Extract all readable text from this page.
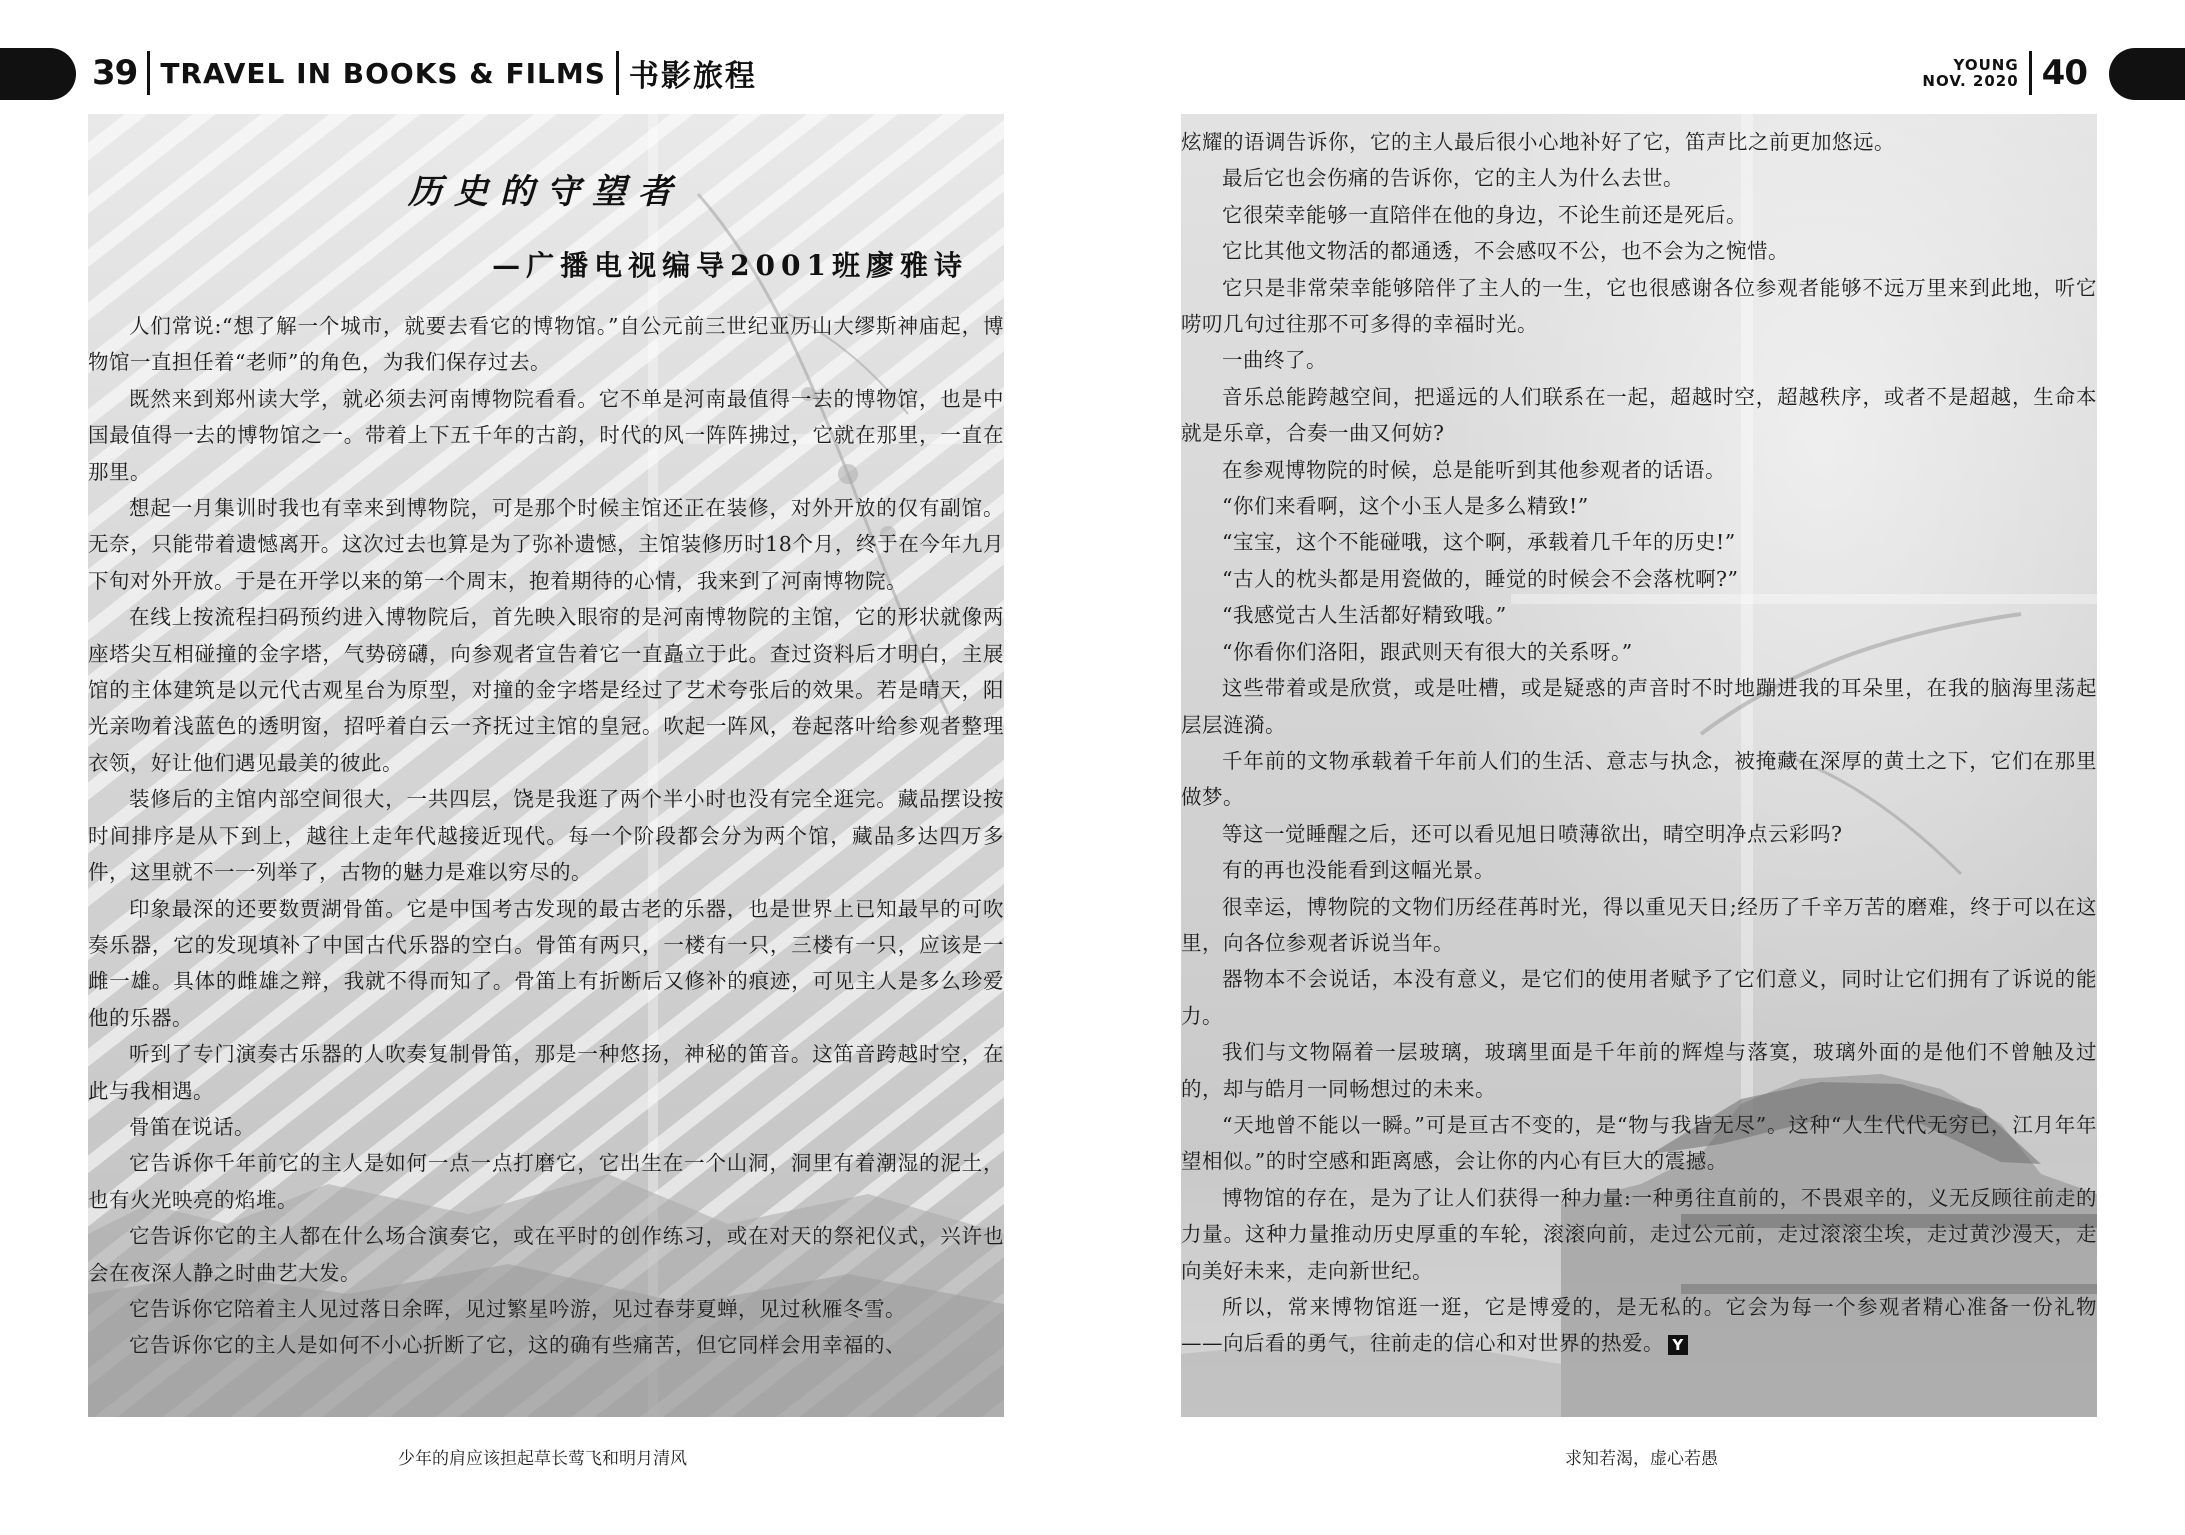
39 TRAVEL IN BOOKS & FILMS 书影旅程	YOUNG
NOV. 2020 40
历史的守望者
—广播电视编导2001班廖雅诗

人们常说:“想了解一个城市，就要去看它的博物馆。”自公元前三世纪亚历山大缪斯神庙起，博物馆一直担任着“老师”的角色，为我们保存过去。

既然来到郑州读大学，就必须去河南博物院看看。它不单是河南最值得一去的博物馆，也是中国最值得一去的博物馆之一。带着上下五千年的古韵，时代的风一阵阵拂过，它就在那里，一直在那里。

想起一月集训时我也有幸来到博物院，可是那个时候主馆还正在装修，对外开放的仅有副馆。无奈，只能带着遗憾离开。这次过去也算是为了弥补遗憾，主馆装修历时18个月，终于在今年九月下旬对外开放。于是在开学以来的第一个周末，抱着期待的心情，我来到了河南博物院。

在线上按流程扫码预约进入博物院后，首先映入眼帘的是河南博物院的主馆，它的形状就像两座塔尖互相碰撞的金字塔，气势磅礴，向参观者宣告着它一直矗立于此。查过资料后才明白，主展馆的主体建筑是以元代古观星台为原型，对撞的金字塔是经过了艺术夸张后的效果。若是晴天，阳光亲吻着浅蓝色的透明窗，招呼着白云一齐抚过主馆的皇冠。吹起一阵风，卷起落叶给参观者整理衣领，好让他们遇见最美的彼此。

装修后的主馆内部空间很大，一共四层，饶是我逛了两个半小时也没有完全逛完。藏品摆设按时间排序是从下到上，越往上走年代越接近现代。每一个阶段都会分为两个馆，藏品多达四万多件，这里就不一一列举了，古物的魅力是难以穷尽的。

印象最深的还要数贾湖骨笛。它是中国考古发现的最古老的乐器，也是世界上已知最早的可吹奏乐器，它的发现填补了中国古代乐器的空白。骨笛有两只，一楼有一只，三楼有一只，应该是一雌一雄。具体的雌雄之辩，我就不得而知了。骨笛上有折断后又修补的痕迹，可见主人是多么珍爱他的乐器。

听到了专门演奏古乐器的人吹奏复制骨笛，那是一种悠扬，神秘的笛音。这笛音跨越时空，在此与我相遇。

骨笛在说话。

它告诉你千年前它的主人是如何一点一点打磨它，它出生在一个山洞，洞里有着潮湿的泥土，也有火光映亮的焰堆。

它告诉你它的主人都在什么场合演奏它，或在平时的创作练习，或在对天的祭祀仪式，兴许也会在夜深人静之时曲艺大发。

它告诉你它陪着主人见过落日余晖，见过繁星吟游，见过春芽夏蝉，见过秋雁冬雪。

它告诉你它的主人是如何不小心折断了它，这的确有些痛苦，但它同样会用幸福的、

炫耀的语调告诉你，它的主人最后很小心地补好了它，笛声比之前更加悠远。

最后它也会伤痛的告诉你，它的主人为什么去世。

它很荣幸能够一直陪伴在他的身边，不论生前还是死后。

它比其他文物活的都通透，不会感叹不公，也不会为之惋惜。

它只是非常荣幸能够陪伴了主人的一生，它也很感谢各位参观者能够不远万里来到此地，听它唠叨几句过往那不可多得的幸福时光。

一曲终了。

音乐总能跨越空间，把遥远的人们联系在一起，超越时空，超越秩序，或者不是超越，生命本就是乐章，合奏一曲又何妨?

在参观博物院的时候，总是能听到其他参观者的话语。

“你们来看啊，这个小玉人是多么精致!”

“宝宝，这个不能碰哦，这个啊，承载着几千年的历史!”

“古人的枕头都是用瓷做的，睡觉的时候会不会落枕啊?”

“我感觉古人生活都好精致哦。”

“你看你们洛阳，跟武则天有很大的关系呀。”

这些带着或是欣赏，或是吐槽，或是疑惑的声音时不时地蹦进我的耳朵里，在我的脑海里荡起层层涟漪。

千年前的文物承载着千年前人们的生活、意志与执念，被掩藏在深厚的黄土之下，它们在那里做梦。

等这一觉睡醒之后，还可以看见旭日喷薄欲出，晴空明净点云彩吗?

有的再也没能看到这幅光景。

很幸运，博物院的文物们历经荏苒时光，得以重见天日;经历了千辛万苦的磨难，终于可以在这里，向各位参观者诉说当年。

器物本不会说话，本没有意义，是它们的使用者赋予了它们意义，同时让它们拥有了诉说的能力。

我们与文物隔着一层玻璃，玻璃里面是千年前的辉煌与落寞，玻璃外面的是他们不曾触及过的，却与皓月一同畅想过的未来。

“天地曾不能以一瞬。”可是亘古不变的，是“物与我皆无尽”。这种“人生代代无穷已，江月年年望相似。”的时空感和距离感，会让你的内心有巨大的震撼。

博物馆的存在，是为了让人们获得一种力量:一种勇往直前的，不畏艰辛的，义无反顾往前走的力量。这种力量推动历史厚重的车轮，滚滚向前，走过公元前，走过滚滚尘埃，走过黄沙漫天，走向美好未来，走向新世纪。

所以，常来博物馆逛一逛，它是博爱的，是无私的。它会为每一个参观者精心准备一份礼物——向后看的勇气，往前走的信心和对世界的热爱。 Y

少年的肩应该担起草长莺飞和明月清风	求知若渴，虚心若愚
